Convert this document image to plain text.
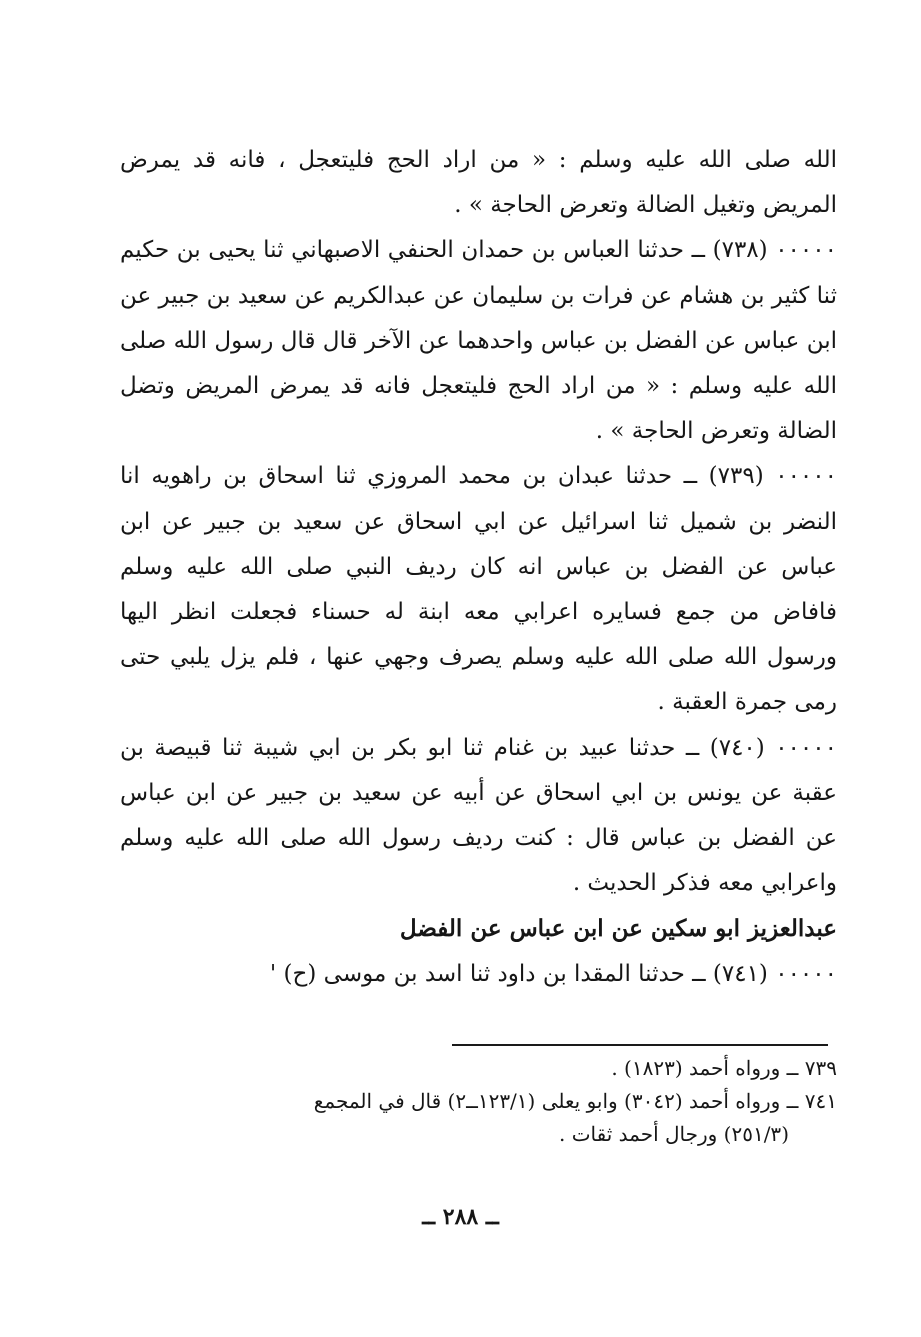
الله صلى الله عليه وسلم : « من اراد الحج فليتعجل ، فانه قد يمرض المريض وتغيل الضالة وتعرض الحاجة » .

٠٠٠٠٠ (٧٣٨) ــ حدثنا العباس بن حمدان الحنفي الاصبهاني ثنا يحيى بن حكيم ثنا كثير بن هشام عن فرات بن سليمان عن عبدالكريم عن سعيد بن جبير عن ابن عباس عن الفضل بن عباس واحدهما عن الآخر قال قال رسول الله صلى الله عليه وسلم : « من اراد الحج فليتعجل فانه قد يمرض المريض وتضل الضالة وتعرض الحاجة » .

٠٠٠٠٠ (٧٣٩) ــ حدثنا عبدان بن محمد المروزي ثنا اسحاق بن راهويه انا النضر بن شميل ثنا اسرائيل عن ابي اسحاق عن سعيد بن جبير عن ابن عباس عن الفضل بن عباس انه كان رديف النبي صلى الله عليه وسلم فافاض من جمع فسايره اعرابي معه ابنة له حسناء فجعلت انظر اليها ورسول الله صلى الله عليه وسلم يصرف وجهي عنها ، فلم يزل يلبي حتى رمى جمرة العقبة .

٠٠٠٠٠ (٧٤٠) ــ حدثنا عبيد بن غنام ثنا ابو بكر بن ابي شيبة ثنا قبيصة بن عقبة عن يونس بن ابي اسحاق عن أبيه عن سعيد بن جبير عن ابن عباس عن الفضل بن عباس قال : كنت رديف رسول الله صلى الله عليه وسلم واعرابي معه فذكر الحديث .

عبدالعزيز ابو سكين عن ابن عباس عن الفضل

٠٠٠٠٠ (٧٤١) ــ حدثنا المقدا بن داود ثنا اسد بن موسى (ح) '

٧٣٩ ــ ورواه أحمد (١٨٢٣) .

٧٤١ ــ ورواه أحمد (٣٠٤٢) وابو يعلى (١٢٣/١ــ٢) قال في المجمع

(٢٥١/٣) ورجال أحمد ثقات .

ــ ٢٨٨ ــ
